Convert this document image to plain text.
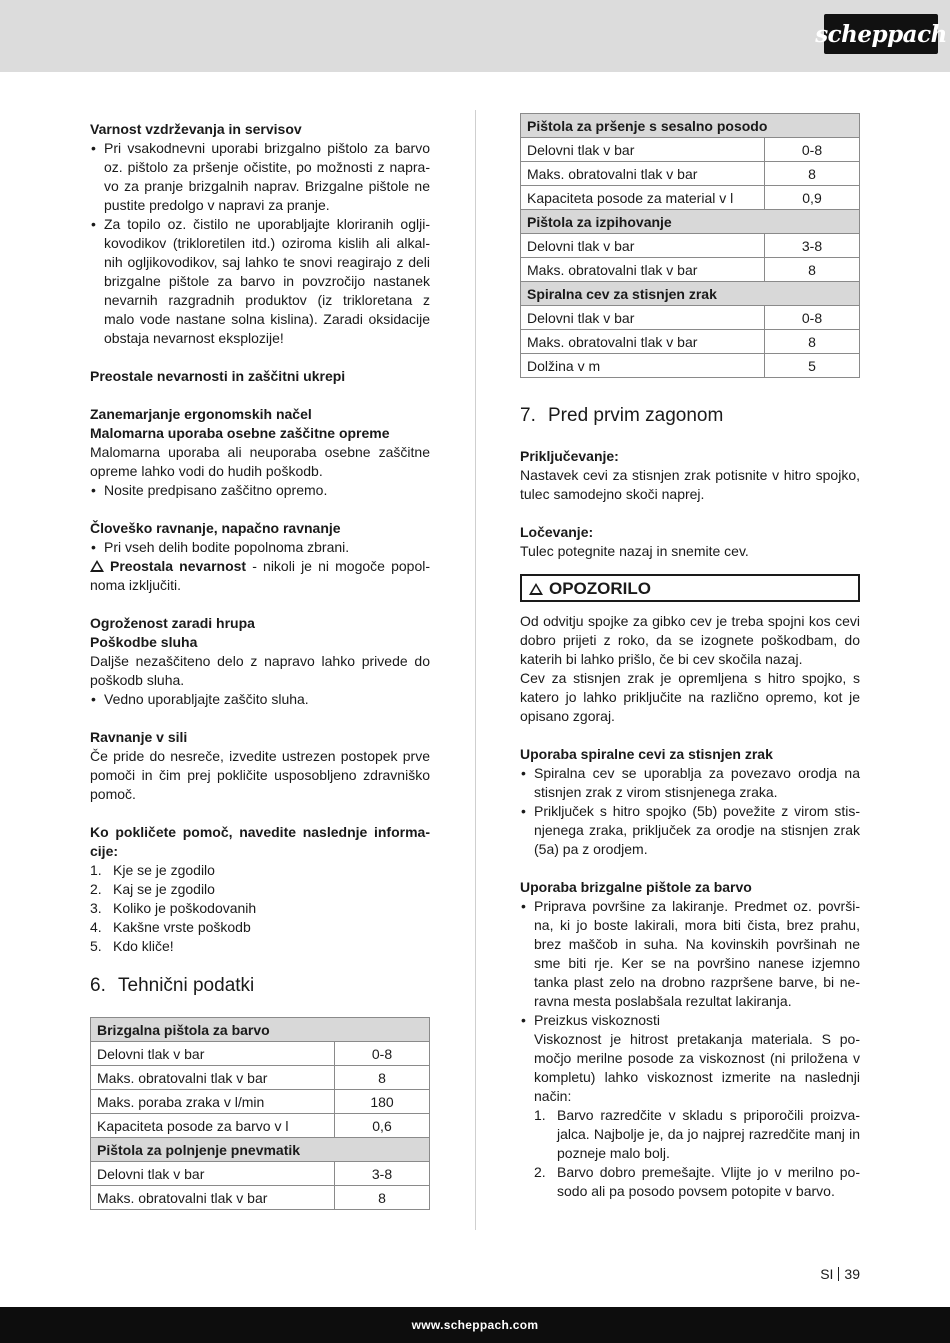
scheppach

Varnost vzdrževanja in servisov

• Pri vsakodnevni uporabi brizgalno pištolo za barvo oz. pištolo za pršenje očistite, po možnosti z napra- vo za pranje brizgalnih naprav. Brizgalne pištole ne pustite predolgo v napravi za pranje.

• Za topilo oz. čistilo ne uporabljajte kloriranih oglji- kovodikov (trikloretilen itd.) oziroma kislih ali alkal- nih ogljikovodikov, saj lahko te snovi reagirajo z deli brizgalne pištole za barvo in povzročijo nastanek nevarnih razgradnih produktov (iz trikloretana z malo vode nastane solna kislina). Zaradi oksidacije obstaja nevarnost eksplozije!

Preostale nevarnosti in zaščitni ukrepi

Zanemarjanje ergonomskih načel

Malomarna uporaba osebne zaščitne opreme

Malomarna uporaba ali neuporaba osebne zaščitne opreme lahko vodi do hudih poškodb.

• Nosite predpisano zaščitno opremo.

Človeško ravnanje, napačno ravnanje

• Pri vseh delih bodite popolnoma zbrani.

Preostala nevarnost - nikoli je ni mogoče popol- noma izključiti.

Ogroženost zaradi hrupa

Poškodbe sluha

Daljše nezaščiteno delo z napravo lahko privede do poškodb sluha.

• Vedno uporabljajte zaščito sluha.

Ravnanje v sili

Če pride do nesreče, izvedite ustrezen postopek prve pomoči in čim prej pokličite usposobljeno zdravniško pomoč.

Ko pokličete pomoč, navedite naslednje informa- cije:

1. Kje se je zgodilo

2. Kaj se je zgodilo

3. Koliko je poškodovanih

4. Kakšne vrste poškodb

5. Kdo kliče!

6. Tehnični podatki

Brizgalna pištola za barvo	
Delovni tlak v bar	0-8
Maks. obratovalni tlak v bar	8
Maks. poraba zraka v l/min	180
Kapaciteta posode za barvo v l	0,6
Pištola za polnjenje pnevmatik	
Delovni tlak v bar	3-8
Maks. obratovalni tlak v bar	8
Pištola za pršenje s sesalno posodo	
Delovni tlak v bar	0-8
Maks. obratovalni tlak v bar	8
Kapaciteta posode za material v l	0,9
Pištola za izpihovanje	
Delovni tlak v bar	3-8
Maks. obratovalni tlak v bar	8
Spiralna cev za stisnjen zrak	
Delovni tlak v bar	0-8
Maks. obratovalni tlak v bar	8
Dolžina v m	5

7. Pred prvim zagonom

Priključevanje:

Nastavek cevi za stisnjen zrak potisnite v hitro spojko, tulec samodejno skoči naprej.

Ločevanje:

Tulec potegnite nazaj in snemite cev.

OPOZORILO

Od odvitju spojke za gibko cev je treba spojni kos cevi dobro prijeti z roko, da se izognete poškodbam, do katerih bi lahko prišlo, če bi cev skočila nazaj.

Cev za stisnjen zrak je opremljena s hitro spojko, s katero jo lahko priključite na različno opremo, kot je opisano zgoraj.

Uporaba spiralne cevi za stisnjen zrak

• Spiralna cev se uporablja za povezavo orodja na stisnjen zrak z virom stisnjenega zraka.

• Priključek s hitro spojko (5b) povežite z virom stis- njenega zraka, priključek za orodje na stisnjen zrak (5a) pa z orodjem.

Uporaba brizgalne pištole za barvo

• Priprava površine za lakiranje. Predmet oz. površi- na, ki jo boste lakirali, mora biti čista, brez prahu, brez maščob in suha. Na kovinskih površinah ne sme biti rje. Ker se na površino nanese izjemno tanka plast zelo na drobno razpršene barve, bi ne- ravna mesta poslabšala rezultat lakiranja.

• Preizkus viskoznosti

Viskoznost je hitrost pretakanja materiala. S po- močjo merilne posode za viskoznost (ni priložena v kompletu) lahko viskoznost izmerite na naslednji način:

1. Barvo razredčite v skladu s priporočili proizva- jalca. Najbolje je, da jo najprej razredčite manj in pozneje malo bolj.

2. Barvo dobro premešajte. Vlijte jo v merilno po- sodo ali pa posodo povsem potopite v barvo.

SI 39
www.scheppach.com
